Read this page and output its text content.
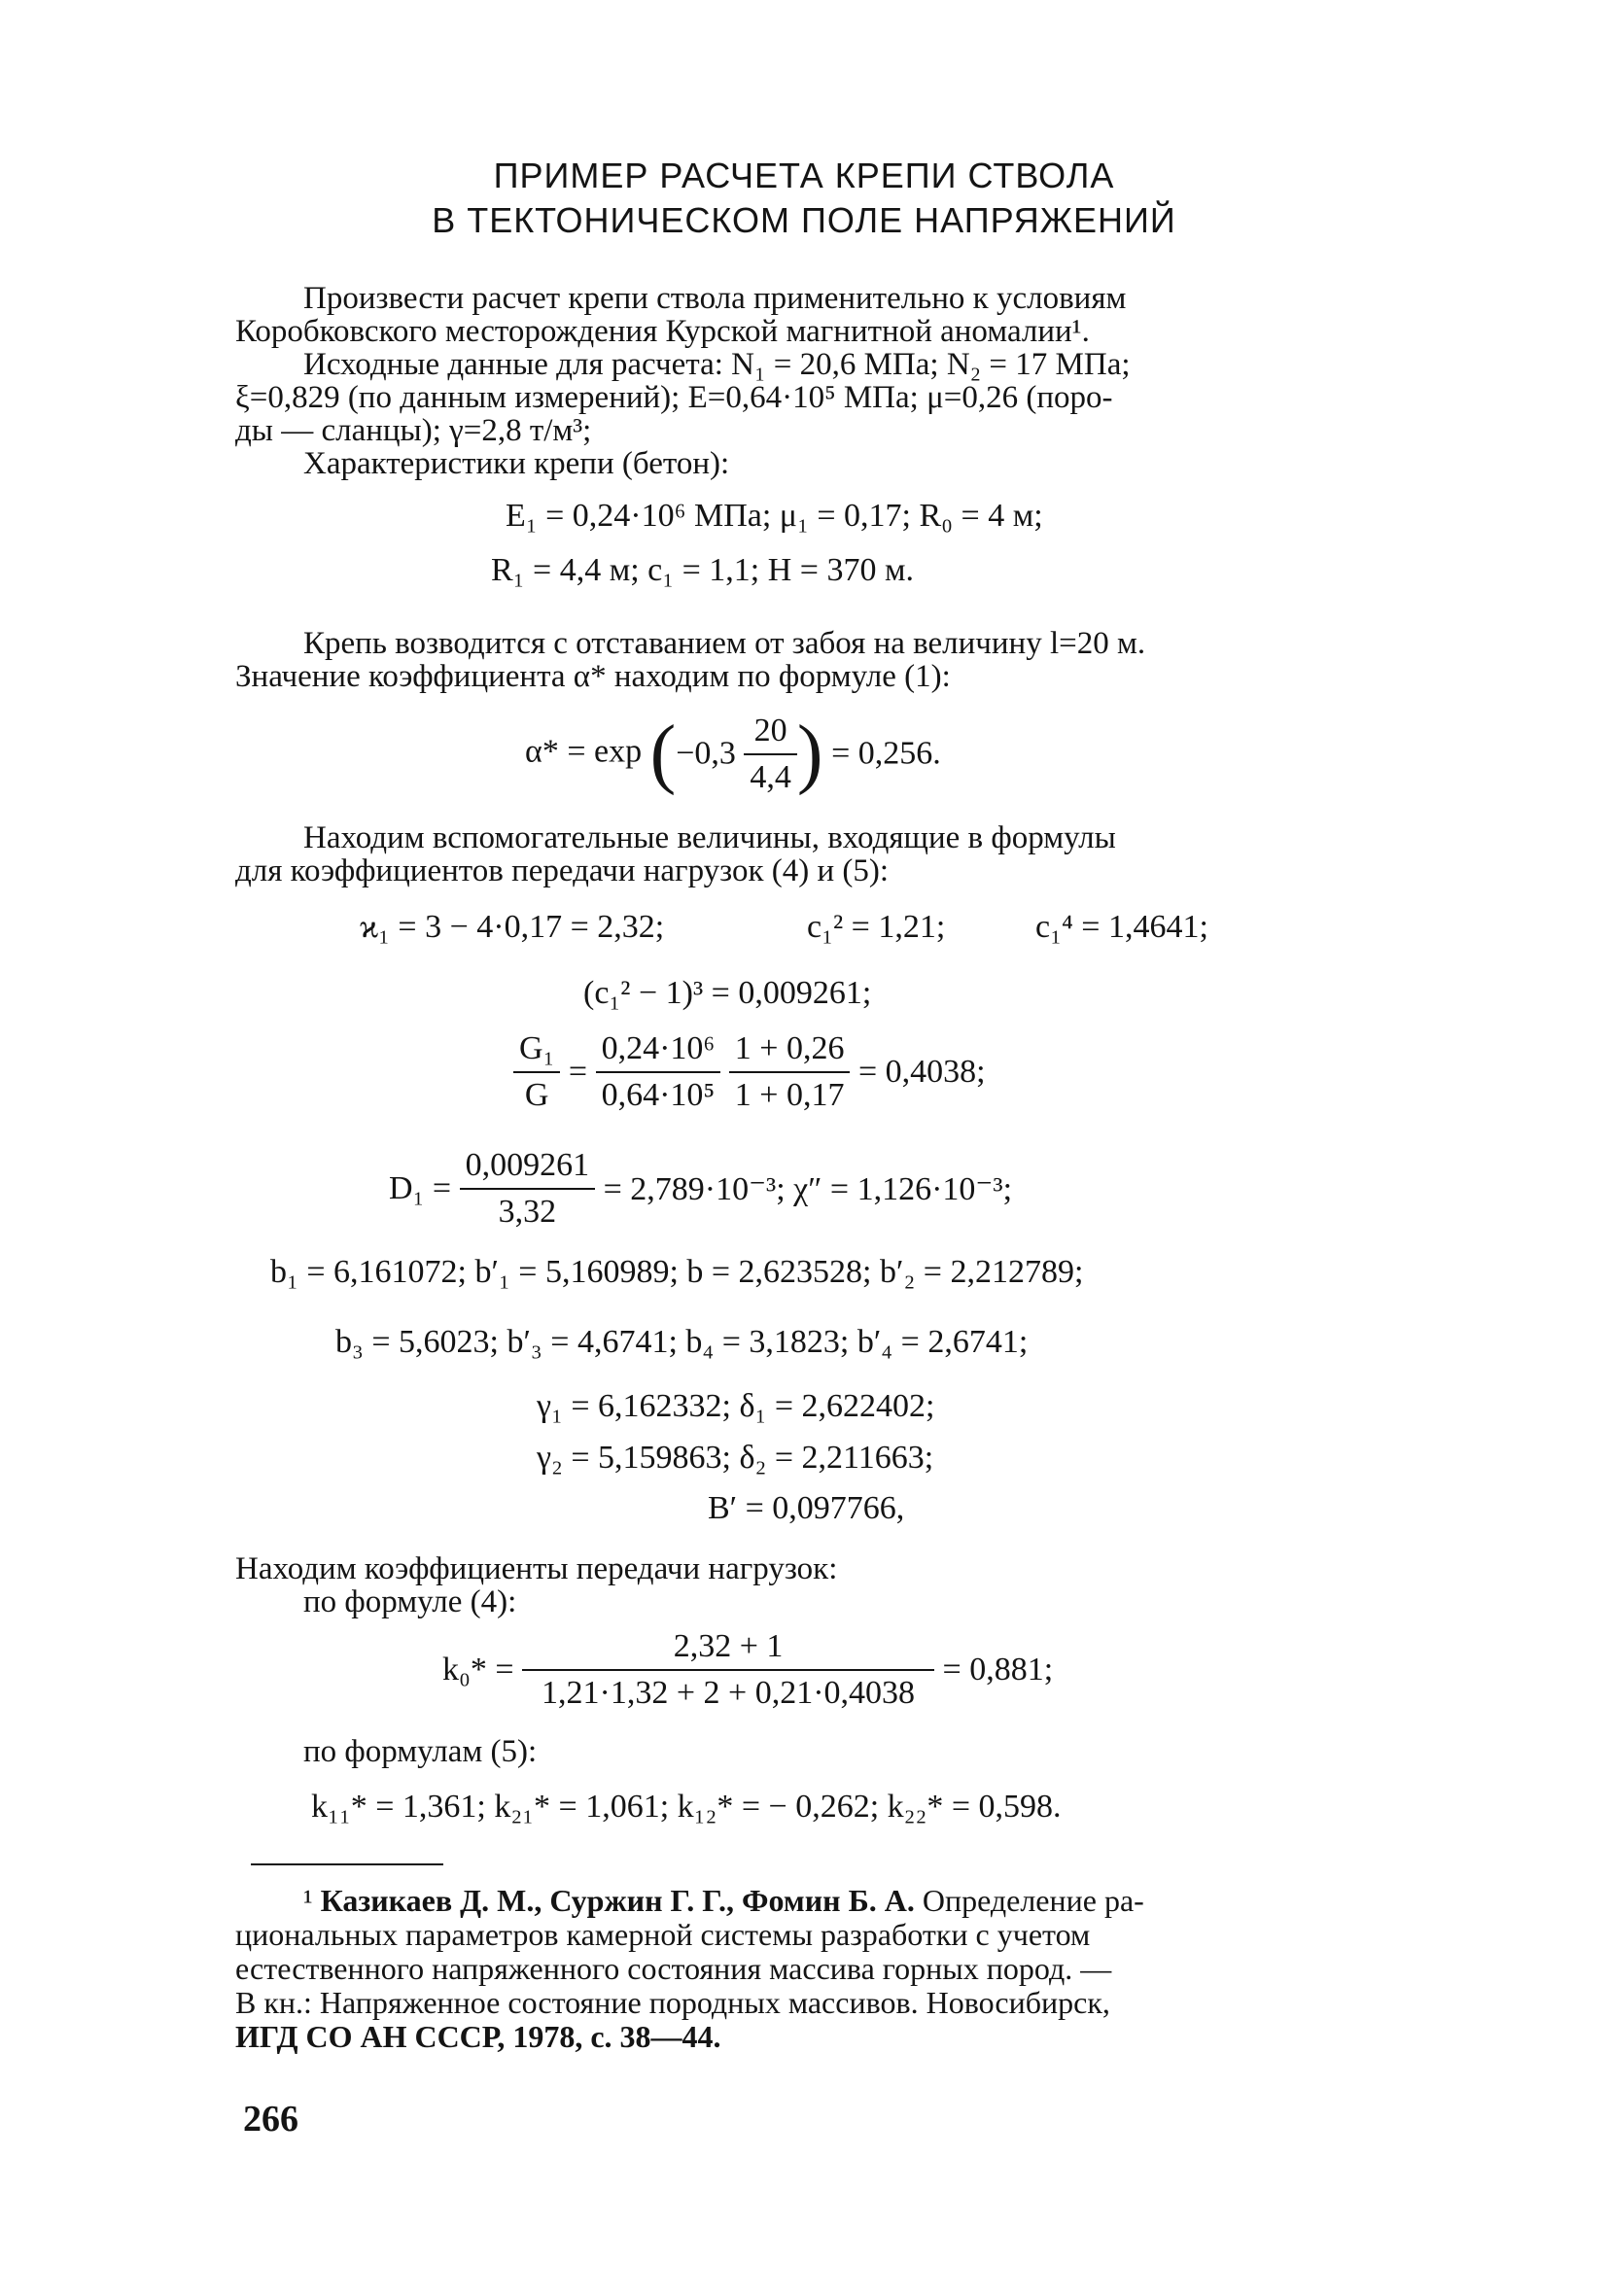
ПРИМЕР РАСЧЕТА КРЕПИ СТВОЛА
В ТЕКТОНИЧЕСКОМ ПОЛЕ НАПРЯЖЕНИЙ
Произвести расчет крепи ствола применительно к условиям
Коробковского месторождения Курской магнитной аномалии¹.
Исходные данные для расчета: N₁ = 20,6 МПа; N₂ = 17 МПа;
ξ=0,829 (по данным измерений); E=0,64·10⁵ МПа; μ=0,26 (поро-
ды — сланцы); γ=2,8 т/м³;
Характеристики крепи (бетон):
E₁ = 0,24·10⁶ МПа; μ₁ = 0,17; R₀ = 4 м;
R₁ = 4,4 м; c₁ = 1,1; H = 370 м.
Крепь возводится с отставанием от забоя на величину l=20 м.
Значение коэффициента α* находим по формуле (1):
$\alpha* = \exp (-0,3 \frac{20}{4,4}$ ) = 0,256.
Находим вспомогательные величины, входящие в формулы
для коэффициентов передачи нагрузок (4) и (5):
ϰ₁ = 3 − 4·0,17 = 2,32;	c₁² = 1,21;	c₁⁴ = 1,4641;
(c₁² − 1)³ = 0,009261;
$\frac{\text{G₁}}{G} = \frac{\text{0,24·10⁶}}{\text{0,64·10⁵}}$
$\frac{1 + 0,26}{1 + 0,17} = 0,4038$;
$D_1 = \frac{0,009261}{3,32} = 2,789\cdot 10^{-3}$; χ″ = 1,126·10⁻³;
b₁ = 6,161072; b′₁ = 5,160989; b = 2,623528; b′₂ = 2,212789;
b₃ = 5,6023; b′₃ = 4,6741; b₄ = 3,1823; b′₄ = 2,6741;
γ₁ = 6,162332; δ₁ = 2,622402;
γ₂ = 5,159863; δ₂ = 2,211663;
B′ = 0,097766,
Находим коэффициенты передачи нагрузок:
по формуле (4):
$k_0* = \frac{2,32 + 1}{1,21\cdot 1,32 + 2 + 0,21\cdot 0,4038} = 0,881$;
по формулам (5):
k₁₁* = 1,361; k₂₁* = 1,061; k₁₂* = − 0,262; k₂₂* = 0,598.
¹ Казикаев Д. М., Суржин Г. Г., Фомин Б. А. Определение ра-
циональных параметров камерной системы разработки с учетом
естественного напряженного состояния массива горных пород. —
В кн.: Напряженное состояние породных массивов. Новосибирск,
ИГД СО АН СССР, 1978, с. 38—44.
266
